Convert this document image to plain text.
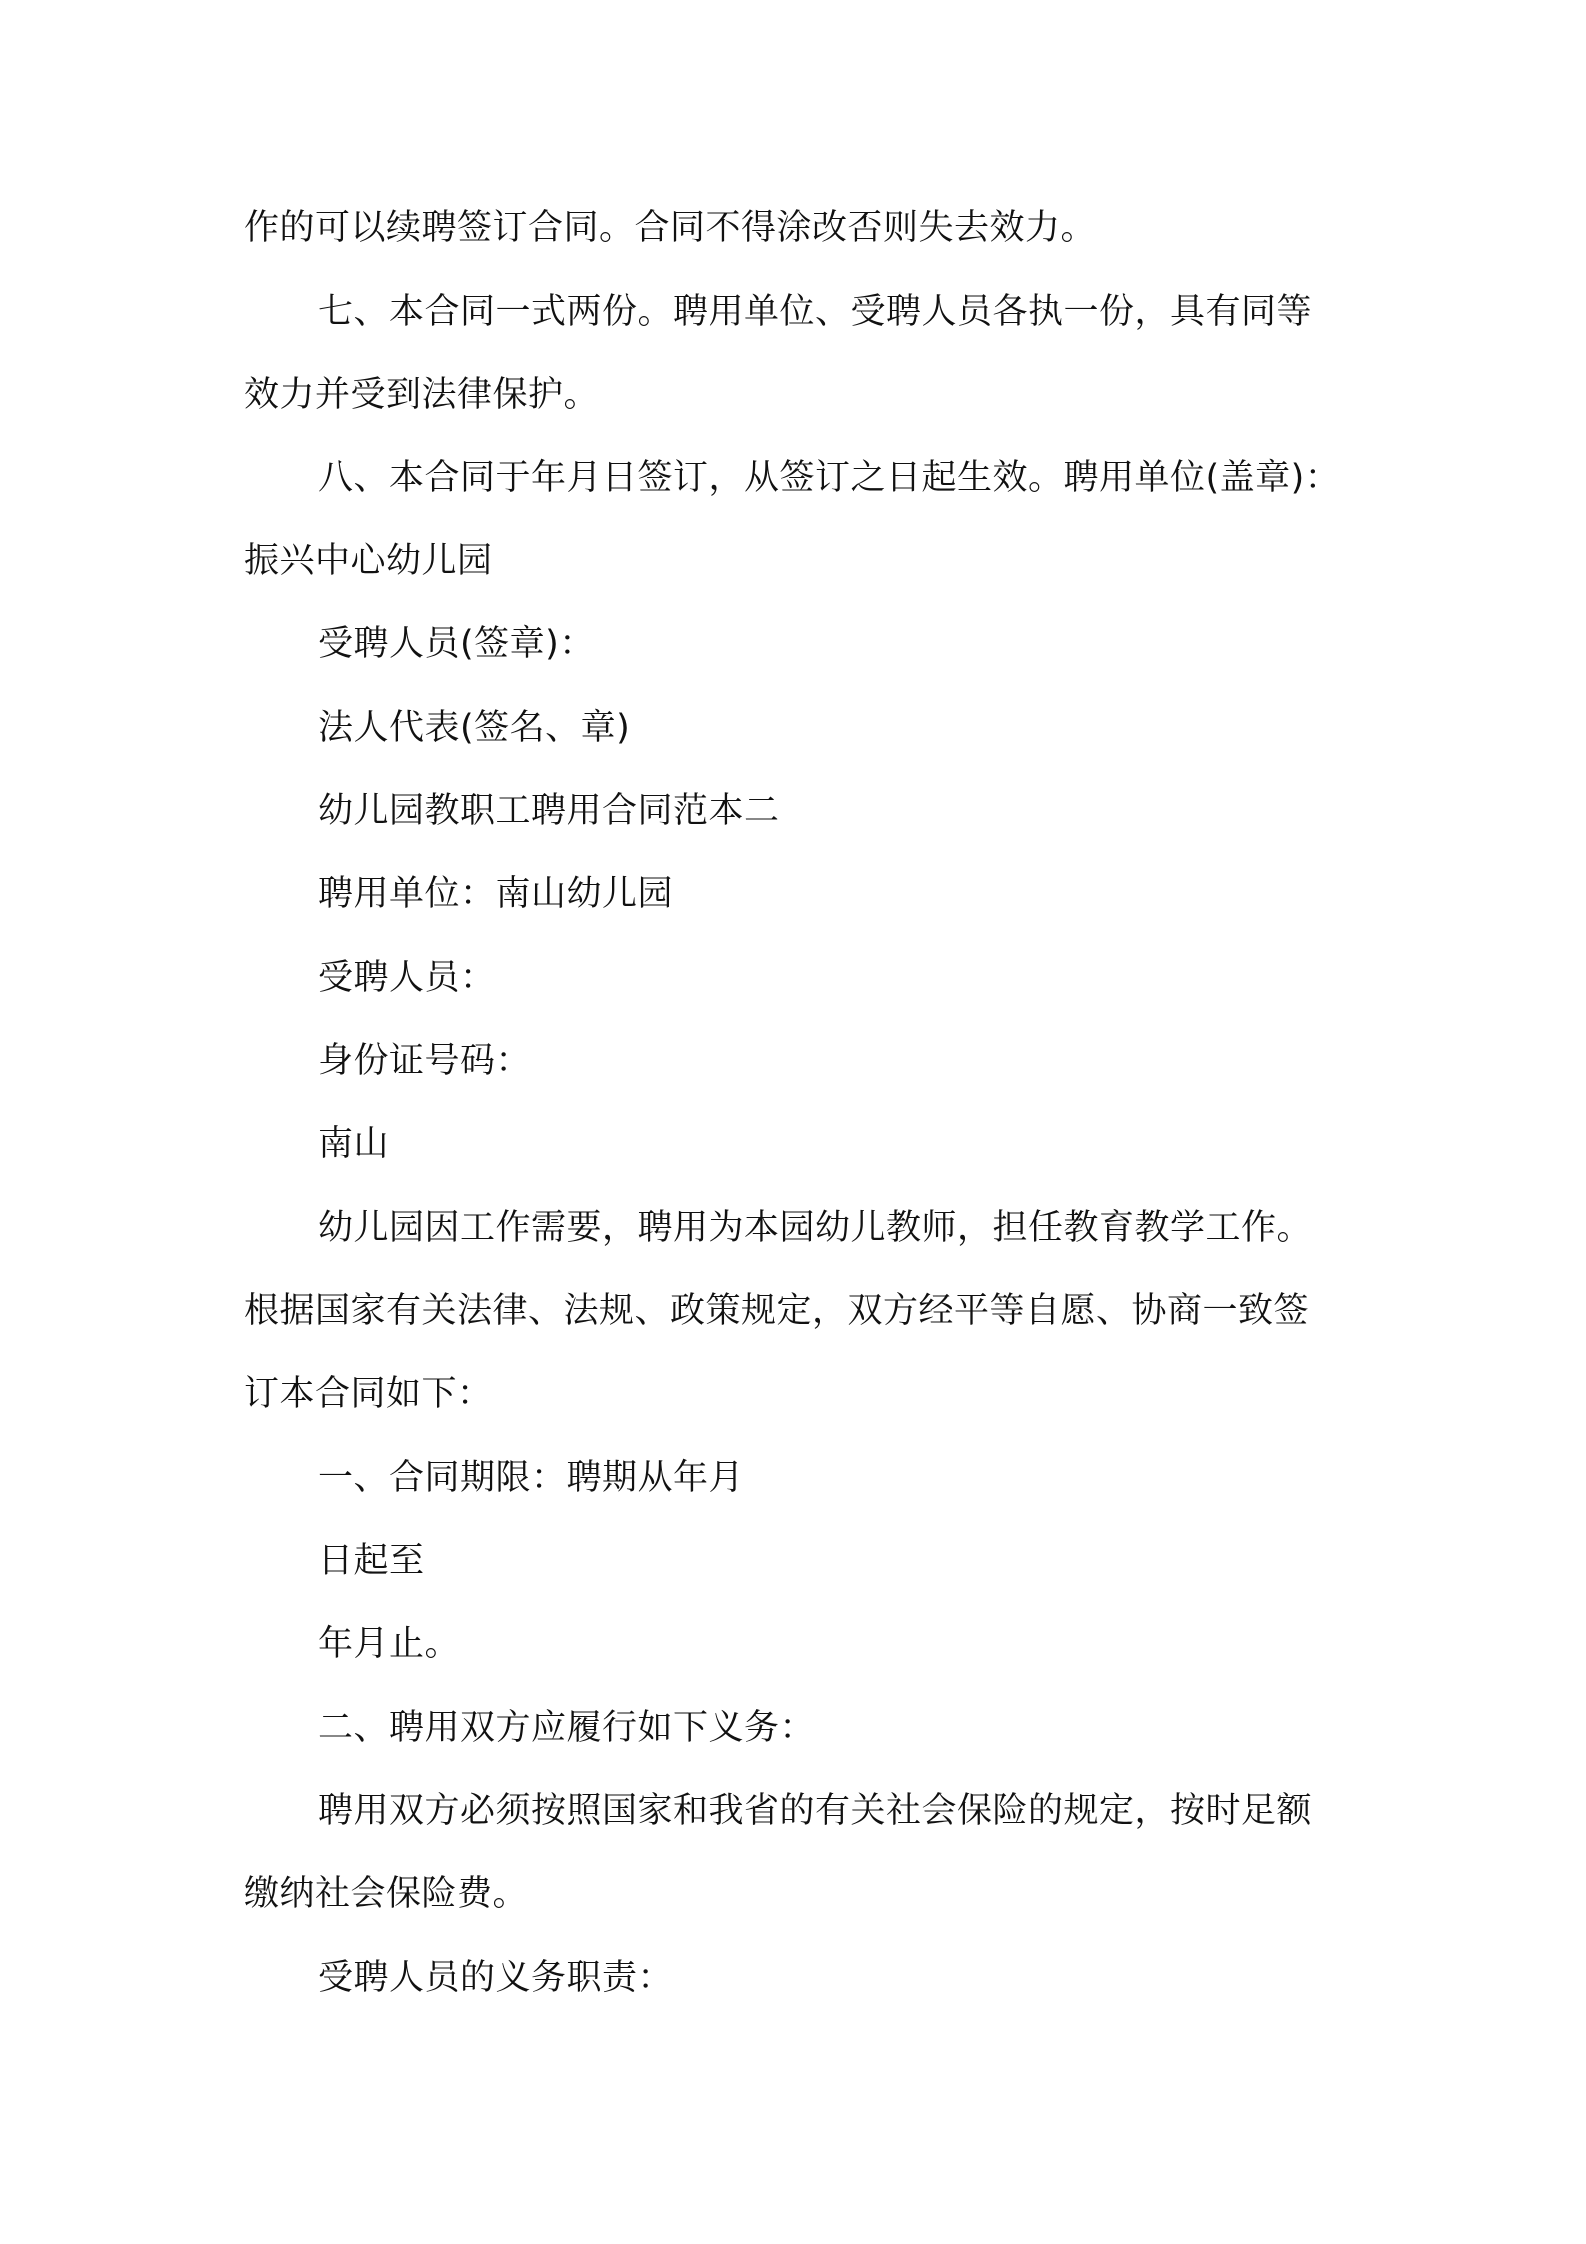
作的可以续聘签订合同。合同不得涂改否则失去效力。
七、本合同一式两份。聘用单位、受聘人员各执一份，具有同等
效力并受到法律保护。
八、本合同于年月日签订，从签订之日起生效。聘用单位(盖章)：
振兴中心幼儿园
受聘人员(签章)：
法人代表(签名、章)
幼儿园教职工聘用合同范本二
聘用单位：南山幼儿园
受聘人员：
身份证号码：
南山
幼儿园因工作需要，聘用为本园幼儿教师，担任教育教学工作。
根据国家有关法律、法规、政策规定，双方经平等自愿、协商一致签
订本合同如下：
一、合同期限：聘期从年月
日起至
年月止。
二、聘用双方应履行如下义务：
聘用双方必须按照国家和我省的有关社会保险的规定，按时足额
缴纳社会保险费。
受聘人员的义务职责：
